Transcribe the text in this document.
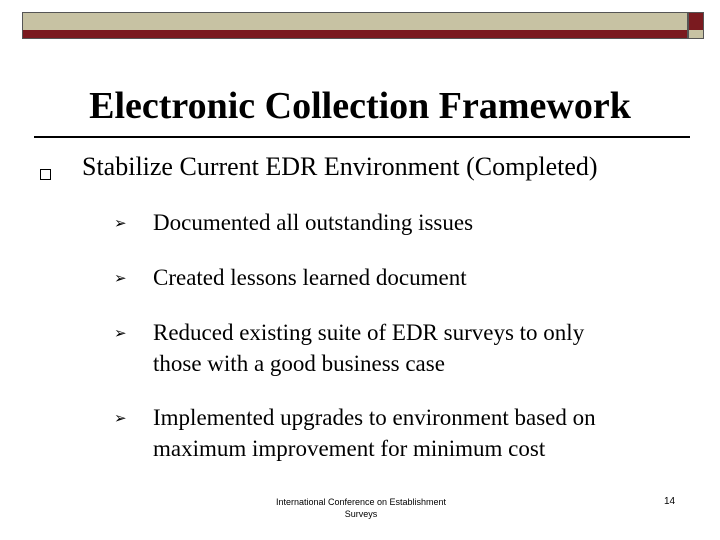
Electronic Collection Framework
Stabilize Current EDR Environment (Completed)
➢ Documented all outstanding issues
➢ Created lessons learned document
➢ Reduced existing suite of EDR surveys to only
those with a good business case
➢ Implemented upgrades to environment based on
maximum improvement for minimum cost
International Conference on Establishment
Surveys
14
